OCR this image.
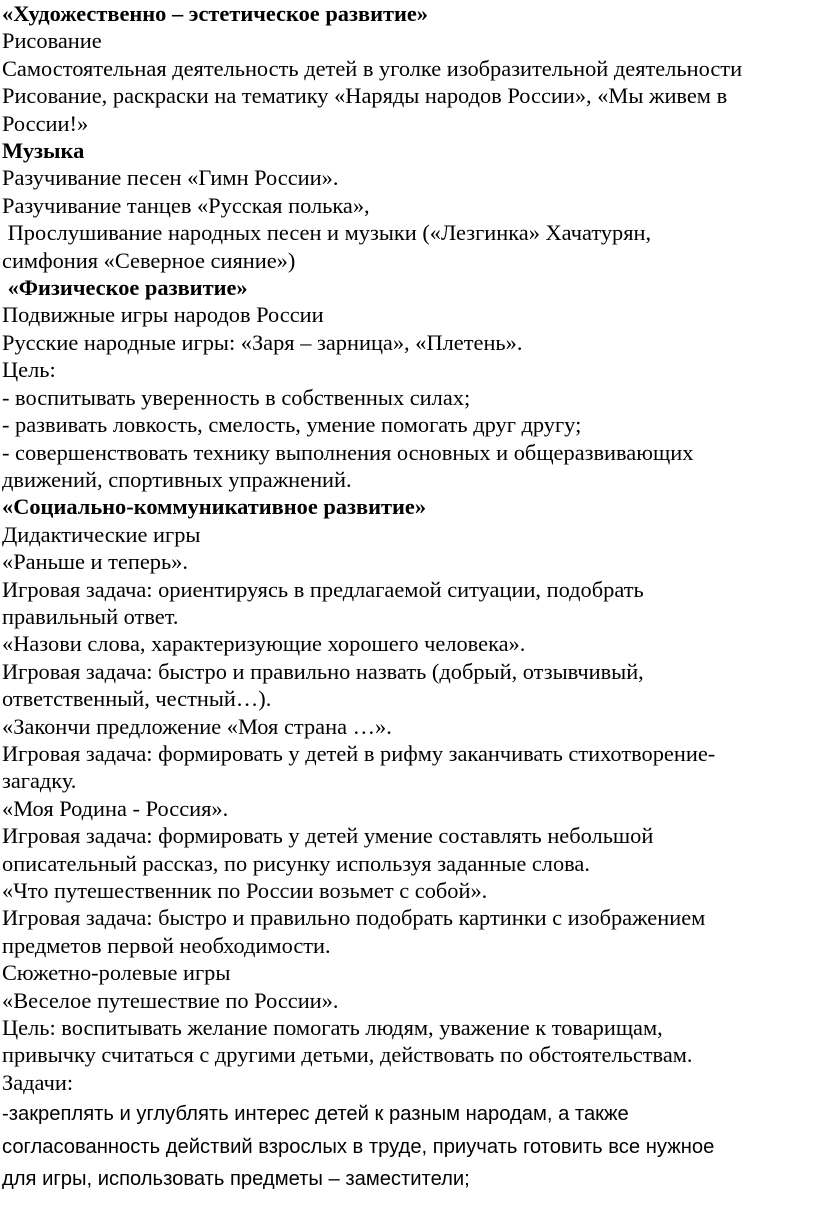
«Художественно – эстетическое развитие»
Рисование
Самостоятельная деятельность детей в уголке изобразительной деятельности
Рисование, раскраски на тематику «Наряды народов России», «Мы живем в
России!»
Музыка
Разучивание песен «Гимн России».
Разучивание танцев «Русская полька»,
Прослушивание народных песен и музыки («Лезгинка» Хачатурян,
симфония «Северное сияние»)
«Физическое развитие»
Подвижные игры народов России
Русские народные игры: «Заря – зарница», «Плетень».
Цель:
- воспитывать уверенность в собственных силах;
- развивать ловкость, смелость, умение помогать друг другу;
- совершенствовать технику выполнения основных и общеразвивающих
движений, спортивных упражнений.
«Социально-коммуникативное развитие»
Дидактические игры
«Раньше и теперь».
Игровая задача: ориентируясь в предлагаемой ситуации, подобрать
правильный ответ.
«Назови слова, характеризующие хорошего человека».
Игровая задача: быстро и правильно назвать (добрый, отзывчивый,
ответственный, честный…).
«Закончи предложение «Моя страна …».
Игровая задача: формировать у детей в рифму заканчивать стихотворение-
загадку.
«Моя Родина - Россия».
Игровая задача: формировать у детей умение составлять небольшой
описательный рассказ, по рисунку используя заданные слова.
«Что путешественник по России возьмет с собой».
Игровая задача: быстро и правильно подобрать картинки с изображением
предметов первой необходимости.
Сюжетно-ролевые игры
«Веселое путешествие по России».
Цель: воспитывать желание помогать людям, уважение к товарищам,
привычку считаться с другими детьми, действовать по обстоятельствам.
Задачи:
-закреплять и углублять интерес детей к разным народам, а также
согласованность действий взрослых в труде, приучать готовить все нужное
для игры, использовать предметы – заместители;
